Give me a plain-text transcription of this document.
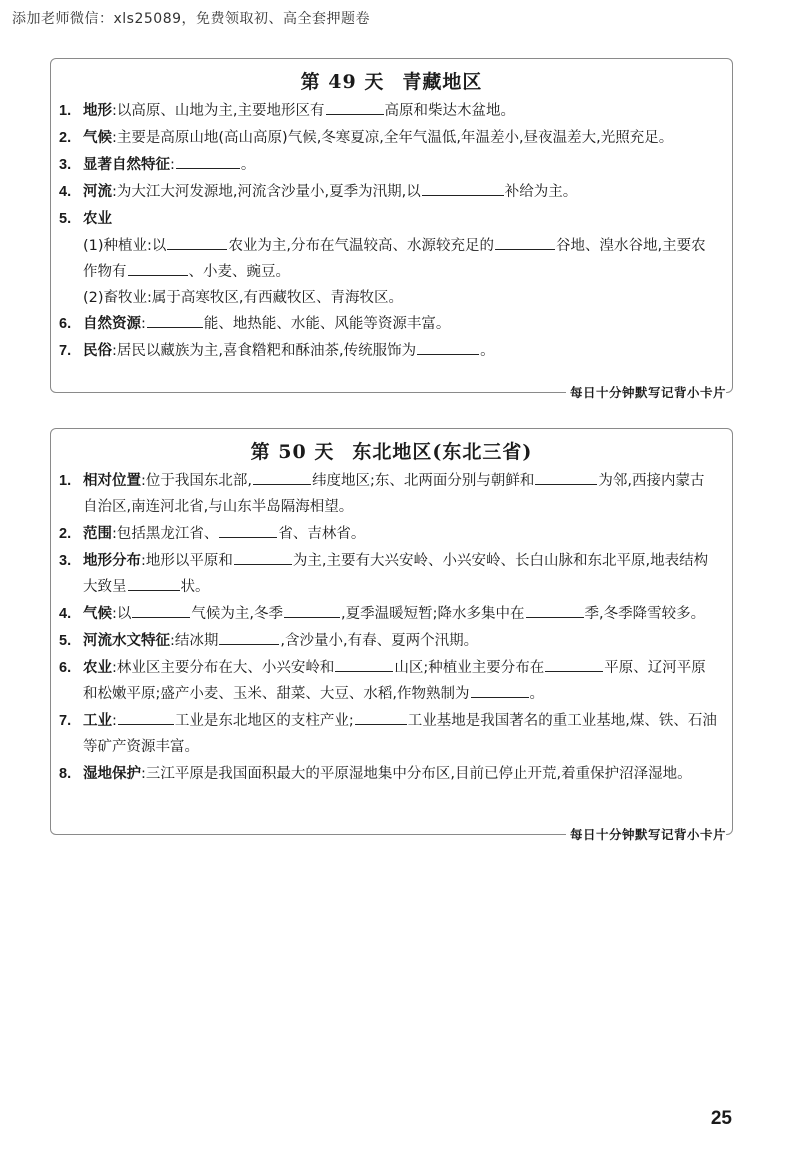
添加老师微信：xls25089，免费领取初、高全套押题卷
第 49 天 青藏地区
1. 地形:以高原、山地为主,主要地形区有	高原和柴达木盆地。
2. 气候:主要是高原山地(高山高原)气候,冬寒夏凉,全年气温低,年温差小,昼夜温差大,光照充足。
3. 显著自然特征:	。
4. 河流:为大江大河发源地,河流含沙量小,夏季为汛期,以	补给为主。
5. 农业
(1)种植业:以	农业为主,分布在气温较高、水源较充足的	谷地、湟水谷地,主要农作物有	、小麦、豌豆。
(2)畜牧业:属于高寒牧区,有西藏牧区、青海牧区。
6. 自然资源:	能、地热能、水能、风能等资源丰富。
7. 民俗:居民以藏族为主,喜食糌粑和酥油茶,传统服饰为	。
每日十分钟默写记背小卡片
第 50 天 东北地区(东北三省)
1. 相对位置:位于我国东北部,	纬度地区;东、北两面分别与朝鲜和	为邻,西接内蒙古自治区,南连河北省,与山东半岛隔海相望。
2. 范围:包括黑龙江省、	省、吉林省。
3. 地形分布:地形以平原和	为主,主要有大兴安岭、小兴安岭、长白山脉和东北平原,地表结构大致呈	状。
4. 气候:以	气候为主,冬季	,夏季温暖短暂;降水多集中在	季,冬季降雪较多。
5. 河流水文特征:结冰期	,含沙量小,有春、夏两个汛期。
6. 农业:林业区主要分布在大、小兴安岭和	山区;种植业主要分布在	平原、辽河平原和松嫩平原;盛产小麦、玉米、甜菜、大豆、水稻,作物熟制为	。
7. 工业:	工业是东北地区的支柱产业;	工业基地是我国著名的重工业基地,煤、铁、石油等矿产资源丰富。
8. 湿地保护:三江平原是我国面积最大的平原湿地集中分布区,目前已停止开荒,着重保护沼泽湿地。
每日十分钟默写记背小卡片
25
